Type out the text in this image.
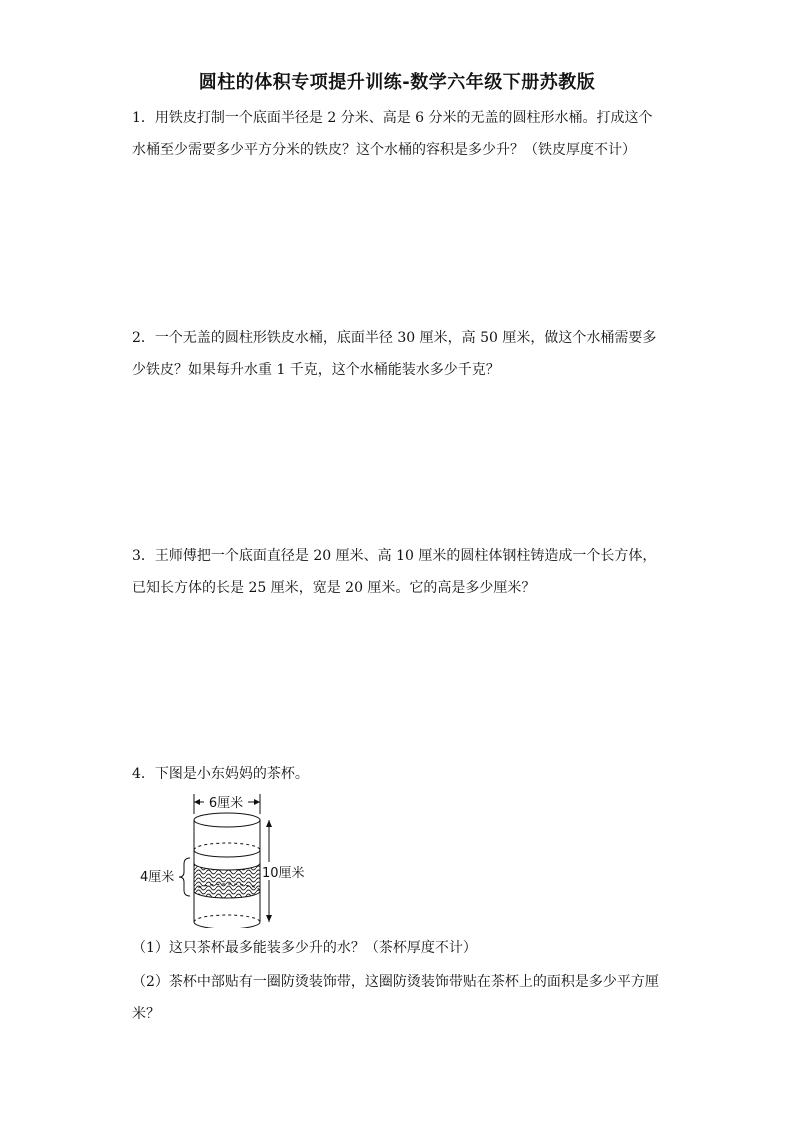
圆柱的体积专项提升训练-数学六年级下册苏教版

1．用铁皮打制一个底面半径是 2 分米、高是 6 分米的无盖的圆柱形水桶。打成这个水桶至少需要多少平方分米的铁皮？这个水桶的容积是多少升？（铁皮厚度不计）

2．一个无盖的圆柱形铁皮水桶，底面半径 30 厘米，高 50 厘米，做这个水桶需要多少铁皮？如果每升水重 1 千克，这个水桶能装水多少千克？

3．王师傅把一个底面直径是 20 厘米、高 10 厘米的圆柱体钢柱铸造成一个长方体，已知长方体的长是 25 厘米，宽是 20 厘米。它的高是多少厘米？

4．下图是小东妈妈的茶杯。

6厘米
10厘米
4厘米

（1）这只茶杯最多能装多少升的水？（茶杯厚度不计）

（2）茶杯中部贴有一圈防烫装饰带，这圈防烫装饰带贴在茶杯上的面积是多少平方厘米？
